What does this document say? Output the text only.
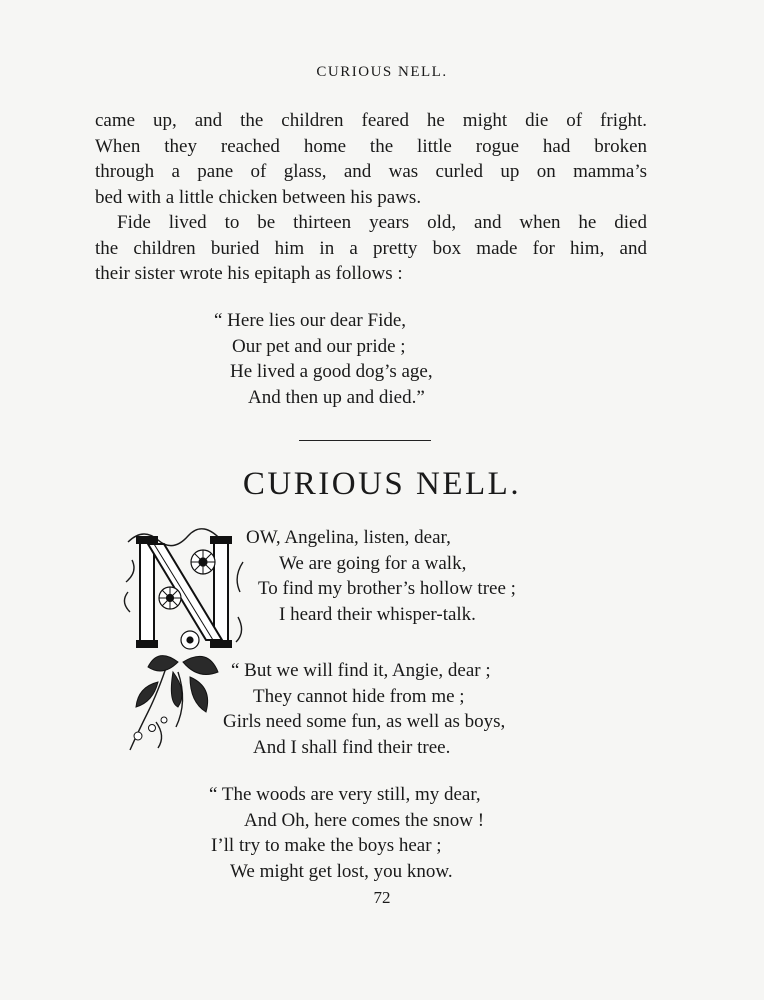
CURIOUS NELL.

came up, and the children feared he might die of fright.

When they reached home the little rogue had broken

through a pane of glass, and was curled up on mamma’s

bed with a little chicken between his paws.

Fide lived to be thirteen years old, and when he died

the children buried him in a pretty box made for him, and

their sister wrote his epitaph as follows :

“ Here lies our dear Fide,
Our pet and our pride ;
He lived a good dog’s age,
And then up and died.”
CURIOUS NELL.
OW, Angelina, listen, dear,
We are going for a walk,
To find my brother’s hollow tree ;
I heard their whisper-talk.
“ But we will find it, Angie, dear ;
They cannot hide from me ;
Girls need some fun, as well as boys,
And I shall find their tree.
“ The woods are very still, my dear,
And Oh, here comes the snow !
I’ll try to make the boys hear ;
We might get lost, you know.
72
